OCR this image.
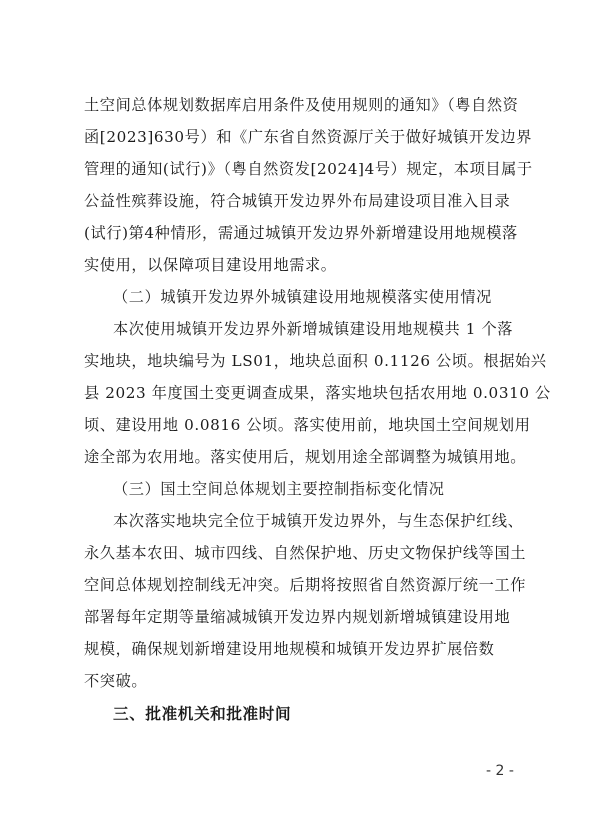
土空间总体规划数据库启用条件及使用规则的通知》（粤自然资
函[2023]630号）和《广东省自然资源厅关于做好城镇开发边界
管理的通知(试行)》（粤自然资发[2024]4号）规定，本项目属于
公益性殡葬设施，符合城镇开发边界外布局建设项目准入目录
(试行)第4种情形，需通过城镇开发边界外新增建设用地规模落
实使用，以保障项目建设用地需求。
（二）城镇开发边界外城镇建设用地规模落实使用情况
本次使用城镇开发边界外新增城镇建设用地规模共 1 个落
实地块，地块编号为 LS01，地块总面积 0.1126 公顷。根据始兴
县 2023 年度国土变更调查成果，落实地块包括农用地 0.0310 公
顷、建设用地 0.0816 公顷。落实使用前，地块国土空间规划用
途全部为农用地。落实使用后，规划用途全部调整为城镇用地。
（三）国土空间总体规划主要控制指标变化情况
本次落实地块完全位于城镇开发边界外，与生态保护红线、
永久基本农田、城市四线、自然保护地、历史文物保护线等国土
空间总体规划控制线无冲突。后期将按照省自然资源厅统一工作
部署每年定期等量缩减城镇开发边界内规划新增城镇建设用地
规模，确保规划新增建设用地规模和城镇开发边界扩展倍数
不突破。
三、批准机关和批准时间
- 2 -
